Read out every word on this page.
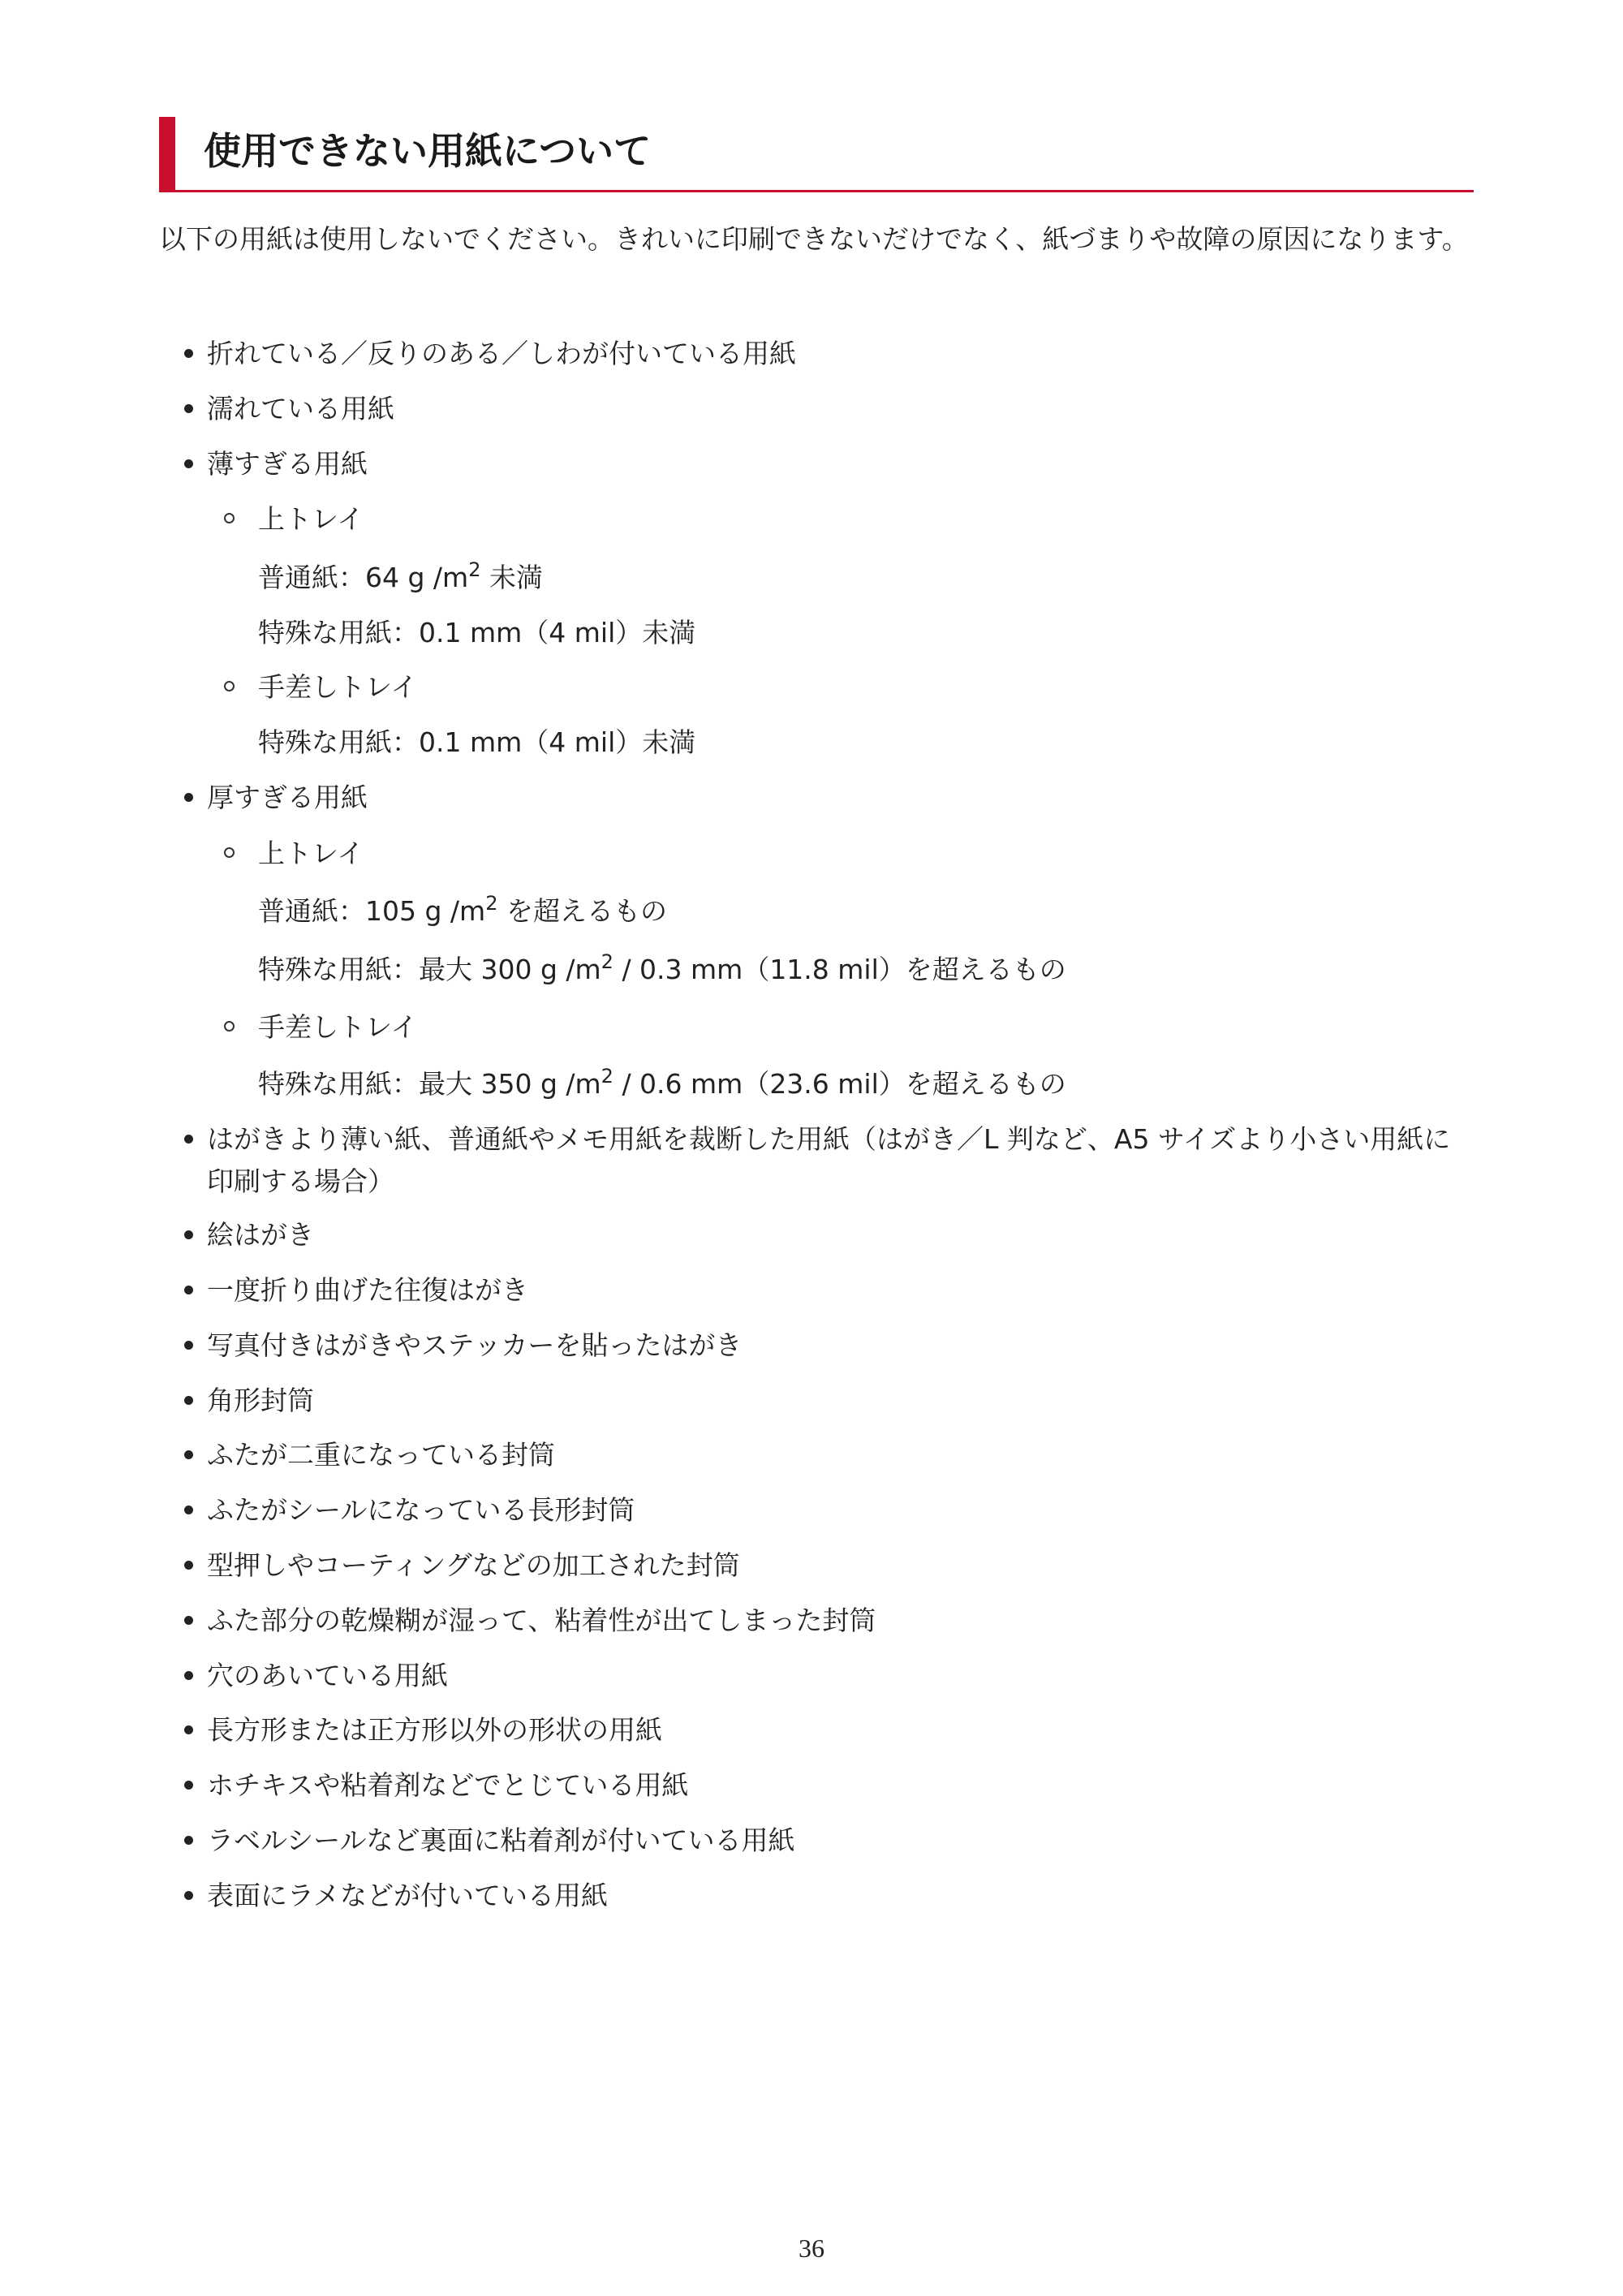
使用できない用紙について
以下の用紙は使用しないでください。きれいに印刷できないだけでなく、紙づまりや故障の原因になります。
折れている／反りのある／しわが付いている用紙
濡れている用紙
薄すぎる用紙
上トレイ
普通紙：64 g $/m^2$ 未満
特殊な用紙：0.1 mm（4 mil）未満
手差しトレイ
特殊な用紙：0.1 mm（4 mil）未満
厚すぎる用紙
上トレイ
普通紙：105 g $/m^2$ を超えるもの
特殊な用紙：最大 300 g $/m^2 / 0.3$ mm（11.8 mil）を超えるもの
手差しトレイ
特殊な用紙：最大 350 g $/m^2 / 0.6$ mm（23.6 mil）を超えるもの
はがきより薄い紙、普通紙やメモ用紙を裁断した用紙（はがき／L 判など、A5 サイズより小さい用紙に印刷する場合）
絵はがき
一度折り曲げた往復はがき
写真付きはがきやステッカーを貼ったはがき
角形封筒
ふたが二重になっている封筒
ふたがシールになっている長形封筒
型押しやコーティングなどの加工された封筒
ふた部分の乾燥糊が湿って、粘着性が出てしまった封筒
穴のあいている用紙
長方形または正方形以外の形状の用紙
ホチキスや粘着剤などでとじている用紙
ラベルシールなど裏面に粘着剤が付いている用紙
表面にラメなどが付いている用紙
36
